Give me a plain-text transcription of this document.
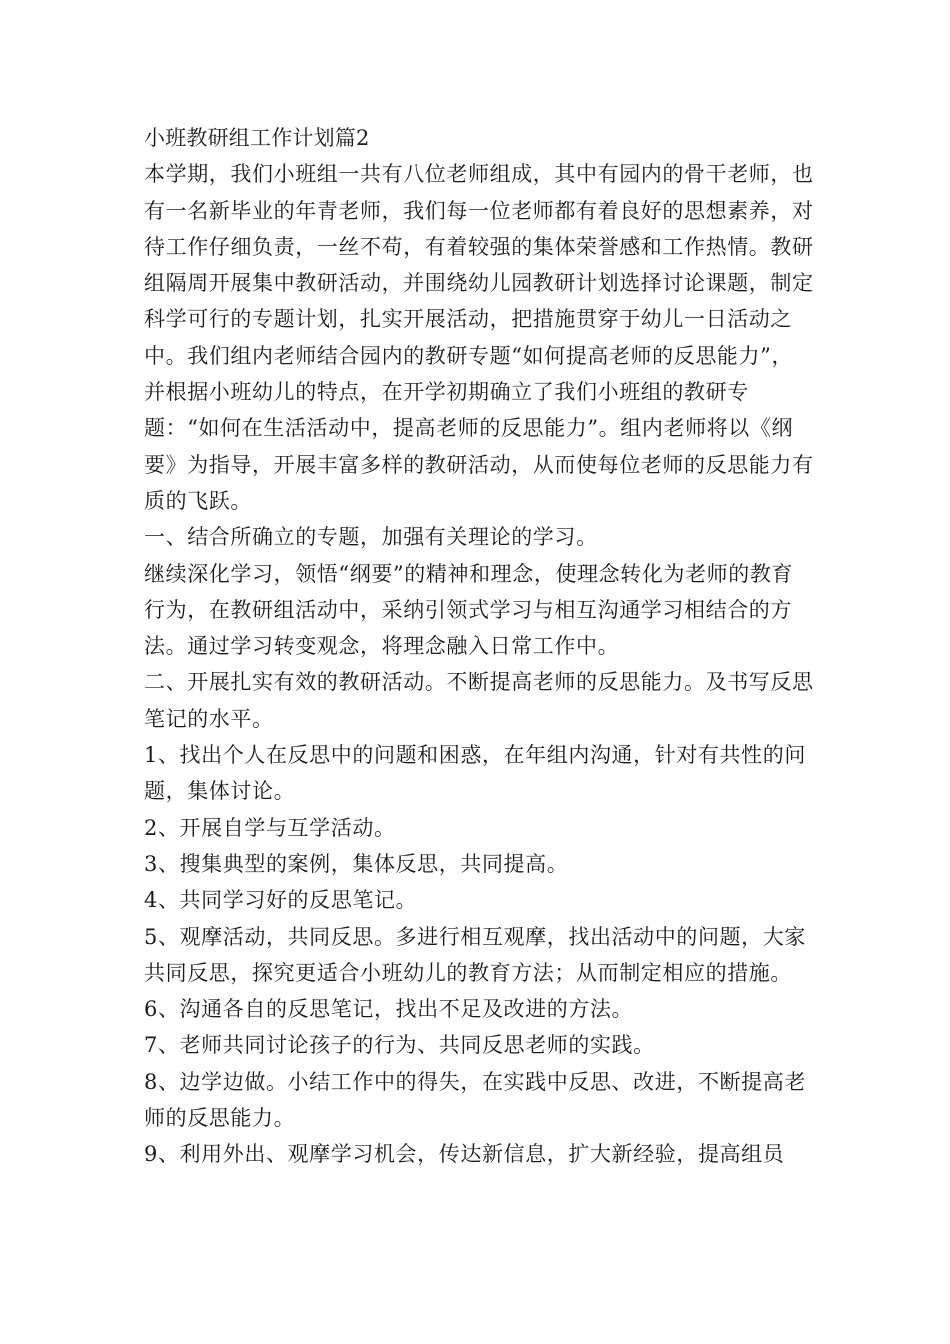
小班教研组工作计划篇2

本学期，我们小班组一共有八位老师组成，其中有园内的骨干老师，也有一名新毕业的年青老师，我们每一位老师都有着良好的思想素养，对待工作仔细负责，一丝不苟，有着较强的集体荣誉感和工作热情。教研组隔周开展集中教研活动，并围绕幼儿园教研计划选择讨论课题，制定科学可行的专题计划，扎实开展活动，把措施贯穿于幼儿一日活动之中。我们组内老师结合园内的教研专题“如何提高老师的反思能力”，并根据小班幼儿的特点，在开学初期确立了我们小班组的教研专题：“如何在生活活动中，提高老师的反思能力”。组内老师将以《纲要》为指导，开展丰富多样的教研活动，从而使每位老师的反思能力有质的飞跃。

一、结合所确立的专题，加强有关理论的学习。

继续深化学习，领悟“纲要”的精神和理念，使理念转化为老师的教育行为，在教研组活动中，采纳引领式学习与相互沟通学习相结合的方法。通过学习转变观念，将理念融入日常工作中。

二、开展扎实有效的教研活动。不断提高老师的反思能力。及书写反思笔记的水平。

1、找出个人在反思中的问题和困惑，在年组内沟通，针对有共性的问题，集体讨论。

2、开展自学与互学活动。

3、搜集典型的案例，集体反思，共同提高。

4、共同学习好的反思笔记。

5、观摩活动，共同反思。多进行相互观摩，找出活动中的问题，大家共同反思，探究更适合小班幼儿的教育方法；从而制定相应的措施。

6、沟通各自的反思笔记，找出不足及改进的方法。

7、老师共同讨论孩子的行为、共同反思老师的实践。

8、边学边做。小结工作中的得失，在实践中反思、改进，不断提高老师的反思能力。

9、利用外出、观摩学习机会，传达新信息，扩大新经验，提高组员
